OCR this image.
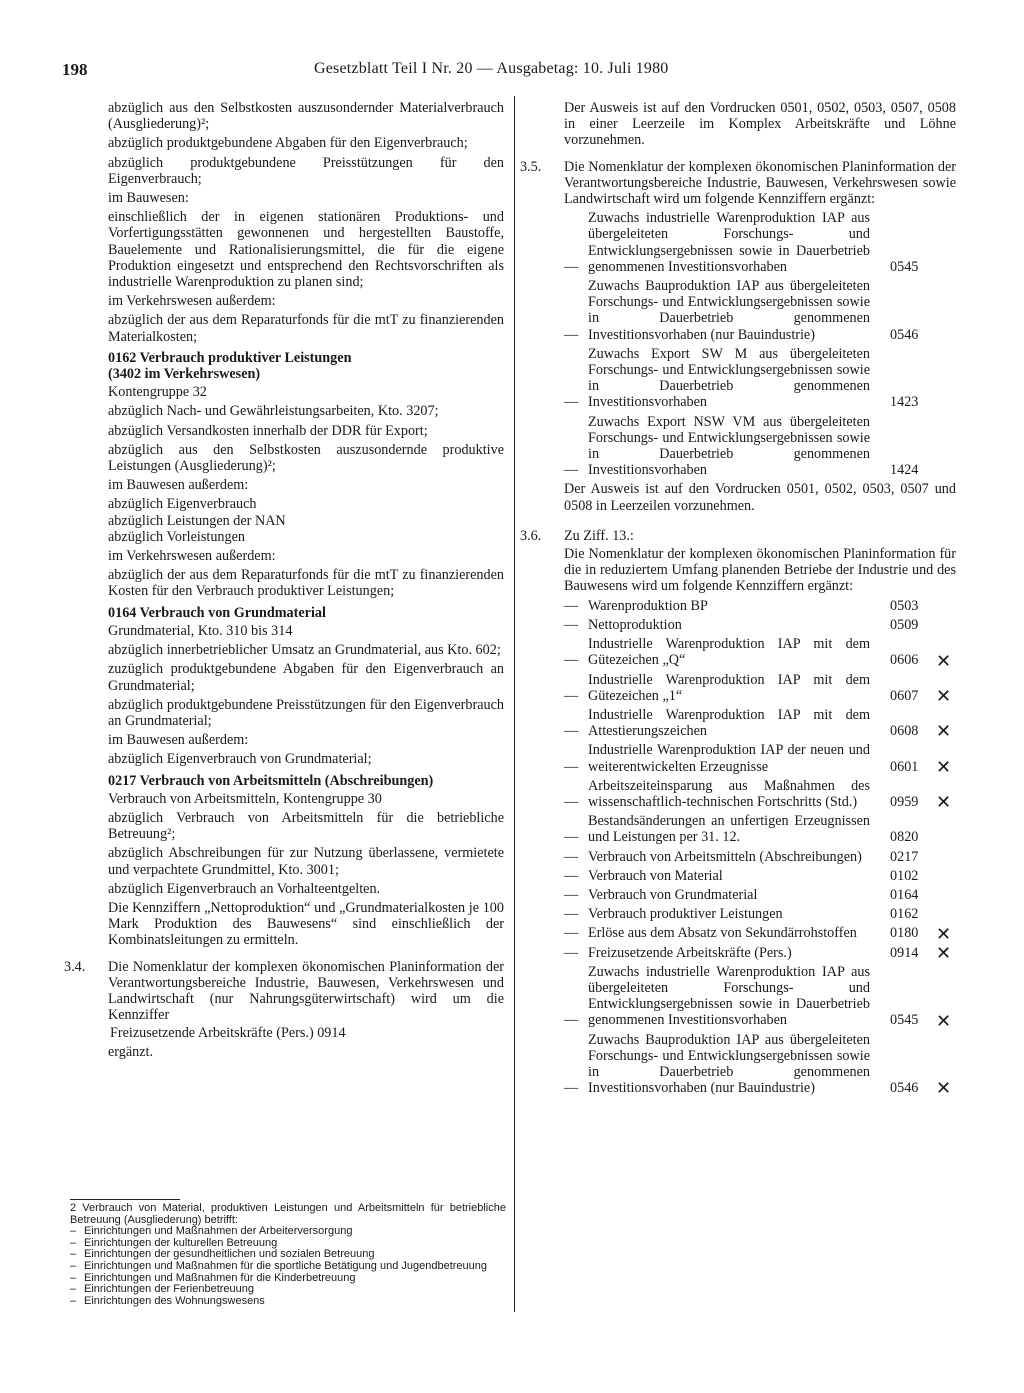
198	Gesetzblatt Teil I Nr. 20 — Ausgabetag: 10. Juli 1980

abzüglich aus den Selbstkosten auszusondernder Materialverbrauch (Ausgliederung)²;

abzüglich produktgebundene Abgaben für den Eigenverbrauch;

abzüglich produktgebundene Preisstützungen für den Eigenverbrauch;

im Bauwesen:

einschließlich der in eigenen stationären Produktions- und Vorfertigungsstätten gewonnenen und hergestellten Baustoffe, Bauelemente und Rationalisierungsmittel, die für die eigene Produktion eingesetzt und entsprechend den Rechtsvorschriften als industrielle Warenproduktion zu planen sind;

im Verkehrswesen außerdem:

abzüglich der aus dem Reparaturfonds für die mtT zu finanzierenden Materialkosten;

0162 Verbrauch produktiver Leistungen
(3402 im Verkehrswesen)

Kontengruppe 32

abzüglich Nach- und Gewährleistungsarbeiten, Kto. 3207;

abzüglich Versandkosten innerhalb der DDR für Export;

abzüglich aus den Selbstkosten auszusondernde produktive Leistungen (Ausgliederung)²;

im Bauwesen außerdem:

abzüglich Eigenverbrauch

abzüglich Leistungen der NAN

abzüglich Vorleistungen

im Verkehrswesen außerdem:

abzüglich der aus dem Reparaturfonds für die mtT zu finanzierenden Kosten für den Verbrauch produktiver Leistungen;

0164 Verbrauch von Grundmaterial

Grundmaterial, Kto. 310 bis 314

abzüglich innerbetrieblicher Umsatz an Grundmaterial, aus Kto. 602;

zuzüglich produktgebundene Abgaben für den Eigenverbrauch an Grundmaterial;

abzüglich produktgebundene Preisstützungen für den Eigenverbrauch an Grundmaterial;

im Bauwesen außerdem:

abzüglich Eigenverbrauch von Grundmaterial;

0217 Verbrauch von Arbeitsmitteln (Abschreibungen)

Verbrauch von Arbeitsmitteln, Kontengruppe 30

abzüglich Verbrauch von Arbeitsmitteln für die betriebliche Betreuung²;

abzüglich Abschreibungen für zur Nutzung überlassene, vermietete und verpachtete Grundmittel, Kto. 3001;

abzüglich Eigenverbrauch an Vorhalteentgelten.

Die Kennziffern „Nettoproduktion“ und „Grundmaterialkosten je 100 Mark Produktion des Bauwesens“ sind einschließlich der Kombinatsleitungen zu ermitteln.

3.4. Die Nomenklatur der komplexen ökonomischen Planinformation der Verantwortungsbereiche Industrie, Bauwesen, Verkehrswesen und Landwirtschaft (nur Nahrungsgüterwirtschaft) wird um die Kennziffer

Freizusetzende Arbeitskräfte (Pers.) 0914

ergänzt.

2 Verbrauch von Material, produktiven Leistungen und Arbeitsmitteln für betriebliche Betreuung (Ausgliederung) betrifft:
– Einrichtungen und Maßnahmen der Arbeiterversorgung
– Einrichtungen der kulturellen Betreuung
– Einrichtungen der gesundheitlichen und sozialen Betreuung
– Einrichtungen und Maßnahmen für die sportliche Betätigung und Jugendbetreuung
– Einrichtungen und Maßnahmen für die Kinderbetreuung
– Einrichtungen der Ferienbetreuung
– Einrichtungen des Wohnungswesens

Der Ausweis ist auf den Vordrucken 0501, 0502, 0503, 0507, 0508 in einer Leerzeile im Komplex Arbeitskräfte und Löhne vorzunehmen.

3.5. Die Nomenklatur der komplexen ökonomischen Planinformation der Verantwortungsbereiche Industrie, Bauwesen, Verkehrswesen sowie Landwirtschaft wird um folgende Kennziffern ergänzt:

—
Zuwachs industrielle Warenproduktion IAP aus übergeleiteten Forschungs- und Entwicklungsergebnissen sowie in Dauerbetrieb genommenen Investitionsvorhaben	0545
—
Zuwachs Bauproduktion IAP aus übergeleiteten Forschungs- und Entwicklungsergebnissen sowie in Dauerbetrieb genommenen Investitionsvorhaben (nur Bauindustrie)	0546
—
Zuwachs Export SW M aus übergeleiteten Forschungs- und Entwicklungsergebnissen sowie in Dauerbetrieb genommenen Investitionsvorhaben	1423
—
Zuwachs Export NSW VM aus übergeleiteten Forschungs- und Entwicklungsergebnissen sowie in Dauerbetrieb genommenen Investitionsvorhaben	1424

Der Ausweis ist auf den Vordrucken 0501, 0502, 0503, 0507 und 0508 in Leerzeilen vorzunehmen.

3.6. Zu Ziff. 13.:

Die Nomenklatur der komplexen ökonomischen Planinformation für die in reduziertem Umfang planenden Betriebe der Industrie und des Bauwesens wird um folgende Kennziffern ergänzt:

— Warenproduktion BP	0503
— Nettoproduktion	0509
—
Industrielle Warenproduktion IAP mit dem Gütezeichen „Q“	0606 ✕
—
Industrielle Warenproduktion IAP mit dem Gütezeichen „1“	0607 ✕
—
Industrielle Warenproduktion IAP mit dem Attestierungszeichen	0608 ✕
—
Industrielle Warenproduktion IAP der neuen und weiterentwickelten Erzeugnisse	0601 ✕
—
Arbeitszeiteinsparung aus Maßnahmen des wissenschaftlich-technischen Fortschritts (Std.)	0959 ✕
—
Bestandsänderungen an unfertigen Erzeugnissen und Leistungen per 31. 12.	0820
— Verbrauch von Arbeitsmitteln (Abschreibungen)	0217
— Verbrauch von Material	0102
— Verbrauch von Grundmaterial	0164
— Verbrauch produktiver Leistungen	0162
— Erlöse aus dem Absatz von Sekundärrohstoffen	0180 ✕
— Freizusetzende Arbeitskräfte (Pers.)	0914 ✕
—
Zuwachs industrielle Warenproduktion IAP aus übergeleiteten Forschungs- und Entwicklungsergebnissen sowie in Dauerbetrieb genommenen Investitionsvorhaben	0545 ✕
—
Zuwachs Bauproduktion IAP aus übergeleiteten Forschungs- und Entwicklungsergebnissen sowie in Dauerbetrieb genommenen Investitionsvorhaben (nur Bauindustrie)	0546 ✕
